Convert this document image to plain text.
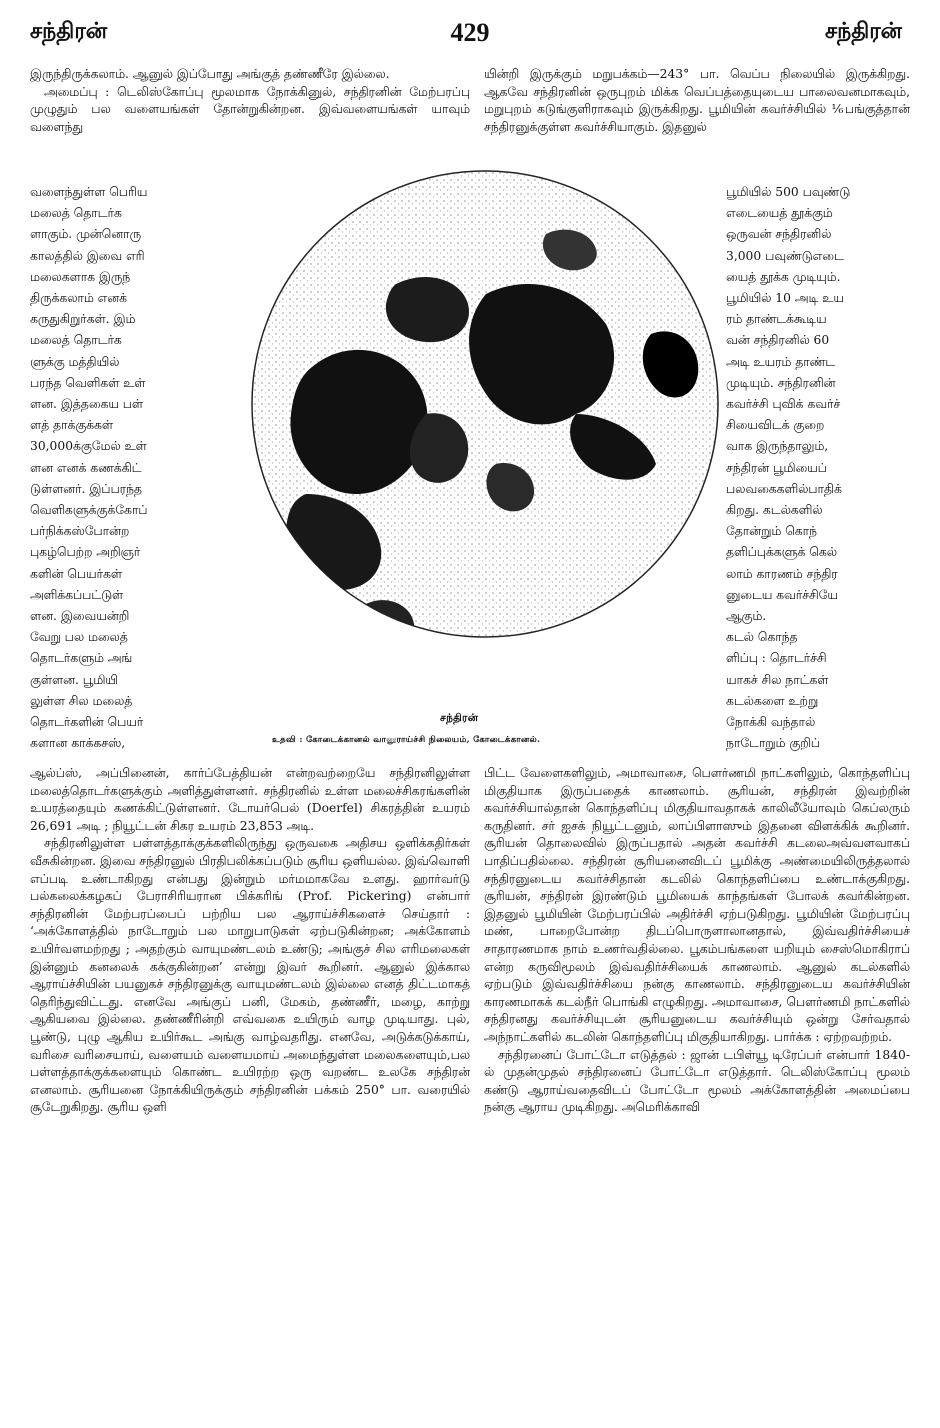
சந்திரன்	429	சந்திரன்

இருந்திருக்கலாம். ஆனுல் இப்போது அங்குத் தண்ணீரே இல்லை.

அமைப்பு : டெலிஸ்கோப்பு மூலமாக நோக்கினுல், சந்திரனின் மேற்பரப்பு முழுதும் பல வளையங்கள் தோன்றுகின்றன. இவ்வளையங்கள் யாவும் வளைந்து

வளைந்துள்ள பெரிய

மலைத் தொடர்க

ளாகும். முன்னொரு

காலத்தில் இவை எரி

மலைகளாக இருந்

திருக்கலாம் எனக்

கருதுகிறுர்கள். இம்

மலைத் தொடர்க

ளுக்கு மத்தியில்

பரந்த வெளிகள் உள்

ளன. இத்தகைய பள்

ளத் தாக்குக்கள்

30,000க்குமேல் உள்

ளன எனக் கணக்கிட்

டுள்ளனர். இப்பரந்த

வெளிகளுக்குக்கோப்

பர்நிக்கஸ்போன்ற

புகழ்பெற்ற அறிஞர்

களின் பெயர்கள்

அளிக்கப்பட்டுள்

ளன. இவையன்றி

வேறு பல மலைத்

தொடர்களும் அங்

குள்ளன. பூமியி

லுள்ள சில மலைத்

தொடர்களின் பெயர்

களான காக்கசஸ்,

ஆல்ப்ஸ், அப்பினைன், கார்ப்பேத்தியன் என்றவற்றையே சந்திரனிலுள்ள மலைத்தொடர்களுக்கும் அளித்துள்ளனர். சந்திரனில் உள்ள மலைச்சிகரங்களின் உயரத்தையும் கணக்கிட்டுள்ளனர். டோயர்பெல் (Doerfel) சிகரத்தின் உயரம் 26,691 அடி ; நியூட்டன் சிகர உயரம் 23,853 அடி.

சந்திரனிலுள்ள பள்ளத்தாக்குக்களிலிருந்து ஒருவகை அதிசய ஒளிக்கதிர்கள் வீசுகின்றன. இவை சந்திரனுல் பிரதிபலிக்கப்படும் சூரிய ஒளியல்ல. இவ்வொளி எப்படி உண்டாகிறது என்பது இன்றும் மர்மமாகவே உளது. ஹார்வர்டு பல்கலைக்கழகப் பேராசிரியரான பிக்கரிங் (Prof. Pickering) என்பார் சந்திரனின் மேற்பரப்பைப் பற்றிய பல ஆராய்ச்சிகளைச் செய்தார் : ‘அக்கோளத்தில் நாடோறும் பல மாறுபாடுகள் ஏற்படுகின்றன; அக்கோளம் உயிர்வளமற்றது ; அதற்கும் வாயுமண்டலம் உண்டு; அங்குச் சில எரிமலைகள் இன்னும் கனலைக் கக்குகின்றன’ என்று இவர் கூறினர். ஆனுல் இக்கால ஆராய்ச்சியின் பயனுகச் சந்திரனுக்கு வாயுமண்டலம் இல்லை எனத் திட்டமாகத் தெரிந்துவிட்டது. எனவே அங்குப் பனி, மேகம், தண்ணீர், மழை, காற்று ஆகியவை இல்லை. தண்ணீரின்றி எவ்வகை உயிரும் வாழ முடியாது. புல், பூண்டு, புழு ஆகிய உயிர்கூட அங்கு வாழ்வதரிது. எனவே, அடுக்கடுக்காய், வரிசை வரிசையாய், வளையம் வளையமாய் அமைந்துள்ள மலைகளையும்,பல பள்ளத்தாக்குக்களையும் கொண்ட உயிரற்ற ஒரு வறண்ட உலகே சந்திரன் எனலாம். சூரியனை நோக்கியிருக்கும் சந்திரனின் பக்கம் 250° பா. வரையில் சூடேறுகிறது. சூரிய ஒளி

யின்றி இருக்கும் மறுபக்கம்—243° பா. வெப்ப நிலையில் இருக்கிறது. ஆகவே சந்திரனின் ஒருபுறம் மிக்க வெப்பத்தையுடைய பாலைவனமாகவும், மறுபுறம் கடுங்குளிராகவும் இருக்கிறது. பூமியின் கவர்ச்சியில் ⅙பங்குத்தான் சந்திரனுக்குள்ள கவர்ச்சியாகும். இதனுல்

பூமியில் 500 பவுண்டு

எடையைத் தூக்கும்

ஒருவன் சந்திரனில்

3,000 பவுண்டுஎடை

யைத் தூக்க முடியும்.

பூமியில் 10 அடி உய

ரம் தாண்டக்கூடிய

வன் சந்திரனில் 60

அடி உயரம் தாண்ட

முடியும். சந்திரனின்

கவர்ச்சி புவிக் கவர்ச்

சியைவிடக் குறை

வாக இருந்தாலும்,

சந்திரன் பூமியைப்

பலவகைகளில்பாதிக்

கிறது. கடல்களில்

தோன்றும் கொந்

தளிப்புக்களுக் கெல்

லாம் காரணம் சந்திர

னுடைய கவர்ச்சியே

ஆகும்.

கடல் கொந்த

ளிப்பு : தொடர்ச்சி

யாகச் சில நாட்கள்

கடல்களை உற்று

நோக்கி வந்தால்

நாடோறும் குறிப்

பிட்ட வேளைகளிலும், அமாவாசை, பௌர்ணமி நாட்களிலும், கொந்தளிப்பு மிகுதியாக இருப்பதைக் காணலாம். சூரியன், சந்திரன் இவற்றின் கவர்ச்சியால்தான் கொந்தளிப்பு மிகுதியாவதாகக் காலிலீயோவும் கெப்லரும் கருதினர். சர் ஐசக் நியூட்டனும், லாப்பிளாஸும் இதனை விளக்கிக் கூறினர். சூரியன் தொலைவில் இருப்பதால் அதன் கவர்ச்சி கடலைஅவ்வளவாகப் பாதிப்பதில்லை. சந்திரன் சூரியனைவிடப் பூமிக்கு அண்மையிலிருத்தலால் சந்திரனுடைய கவர்ச்சிதான் கடலில் கொந்தளிப்பை உண்டாக்குகிறது. சூரியன், சந்திரன் இரண்டும் பூமியைக் காந்தங்கள் போலக் கவர்கின்றன. இதனுல் பூமியின் மேற்பரப்பில் அதிர்ச்சி ஏற்படுகிறது. பூமியின் மேற்பரப்பு மண், பாறைபோன்ற திடப்பொருளாலானதால், இவ்வதிர்ச்சியைச் சாதாரணமாக நாம் உணர்வதில்லை. பூகம்பங்களை யறியும் சைஸ்மொகிராப் என்ற கருவிமூலம் இவ்வதிர்ச்சியைக் காணலாம். ஆனுல் கடல்களில் ஏற்படும் இவ்வதிர்ச்சியை நன்கு காணலாம். சந்திரனுடைய கவர்ச்சியின் காரணமாகக் கடல்நீர் பொங்கி எழுகிறது. அமாவாசை, பௌர்ணமி நாட்களில் சந்திரனது கவர்ச்சியுடன் சூரியனுடைய கவர்ச்சியும் ஒன்று சேர்வதால் அந்நாட்களில் கடலின் கொந்தளிப்பு மிகுதியாகிறது. பார்க்க : ஏற்றவற்றம்.

சந்திரனைப் போட்டோ எடுத்தல் : ஜான் டபிள்யூ டிரேப்பர் என்பார் 1840-ல் முதன்முதல் சந்திரனைப் போட்டோ எடுத்தார். டெலிஸ்கோப்பு மூலம் கண்டு ஆராய்வதைவிடப் போட்டோ மூலம் அக்கோளத்தின் அமைப்பை நன்கு ஆராய முடிகிறது. அமெரிக்காவி

சந்திரன்
உதவி : கோடைக்கானல் வானுராய்ச்சி நிலையம், கோடைக்கானல்.
